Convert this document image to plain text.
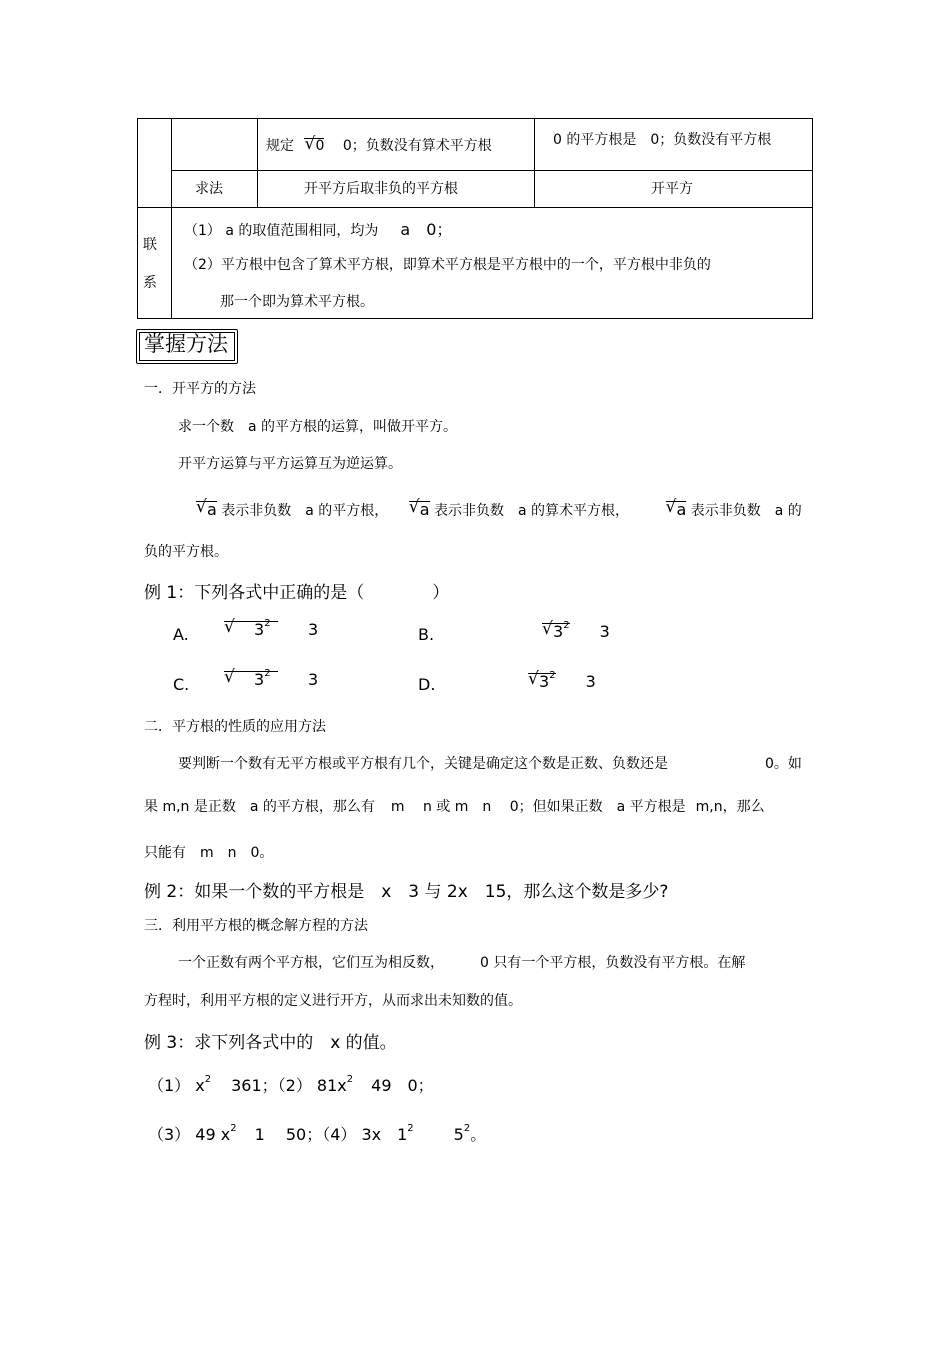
规定 √ 0 0；负数没有算术平方根	0 的平方根是　0；负数没有平方根
求法	开平方后取非负的平方根	开平方
联
系
（1） a 的取值范围相同，均为 a　0；
（2）平方根中包含了算术平方根，即算术平方根是平方根中的一个，平方根中非负的
那一个即为算术平方根。
掌握方法
一．开平方的方法
求一个数　a 的平方根的运算，叫做开平方。
开平方运算与平方运算互为逆运算。
√ a 表示非负数　a 的平方根， √ a 表示非负数　a 的算术平方根，	√ a 表示非负数　a 的
负的平方根。
例 1：下列各式中正确的是（　　　　）
A.	√ $3^2$ 3	B.	√ $3^2$ 3
C.	√ $3^2$ 3	D.	√ $3^2$ 3
二．平方根的性质的应用方法
要判断一个数有无平方根或平方根有几个，关键是确定这个数是正数、负数还是	0。如
果 m,n 是正数　a 的平方根，那么有 m　 n 或 m　n　 0；但如果正数　a 平方根是 m,n，那么
只能有　m　n　0。
例 2：如果一个数的平方根是　x　3 与 2x　15，那么这个数是多少?
三．利用平方根的概念解方程的方法
一个正数有两个平方根，它们互为相反数，	0 只有一个平方根，负数没有平方根。在解
方程时，利用平方根的定义进行开方，从而求出未知数的值。
例 3：求下列各式中的　x 的值。
（1） $x^2$ 361；（2） $81x^2$ 49　0；
（3） 49 $x^2$ 1　 50；（4） 3x　$1^2$	$5^2$。
